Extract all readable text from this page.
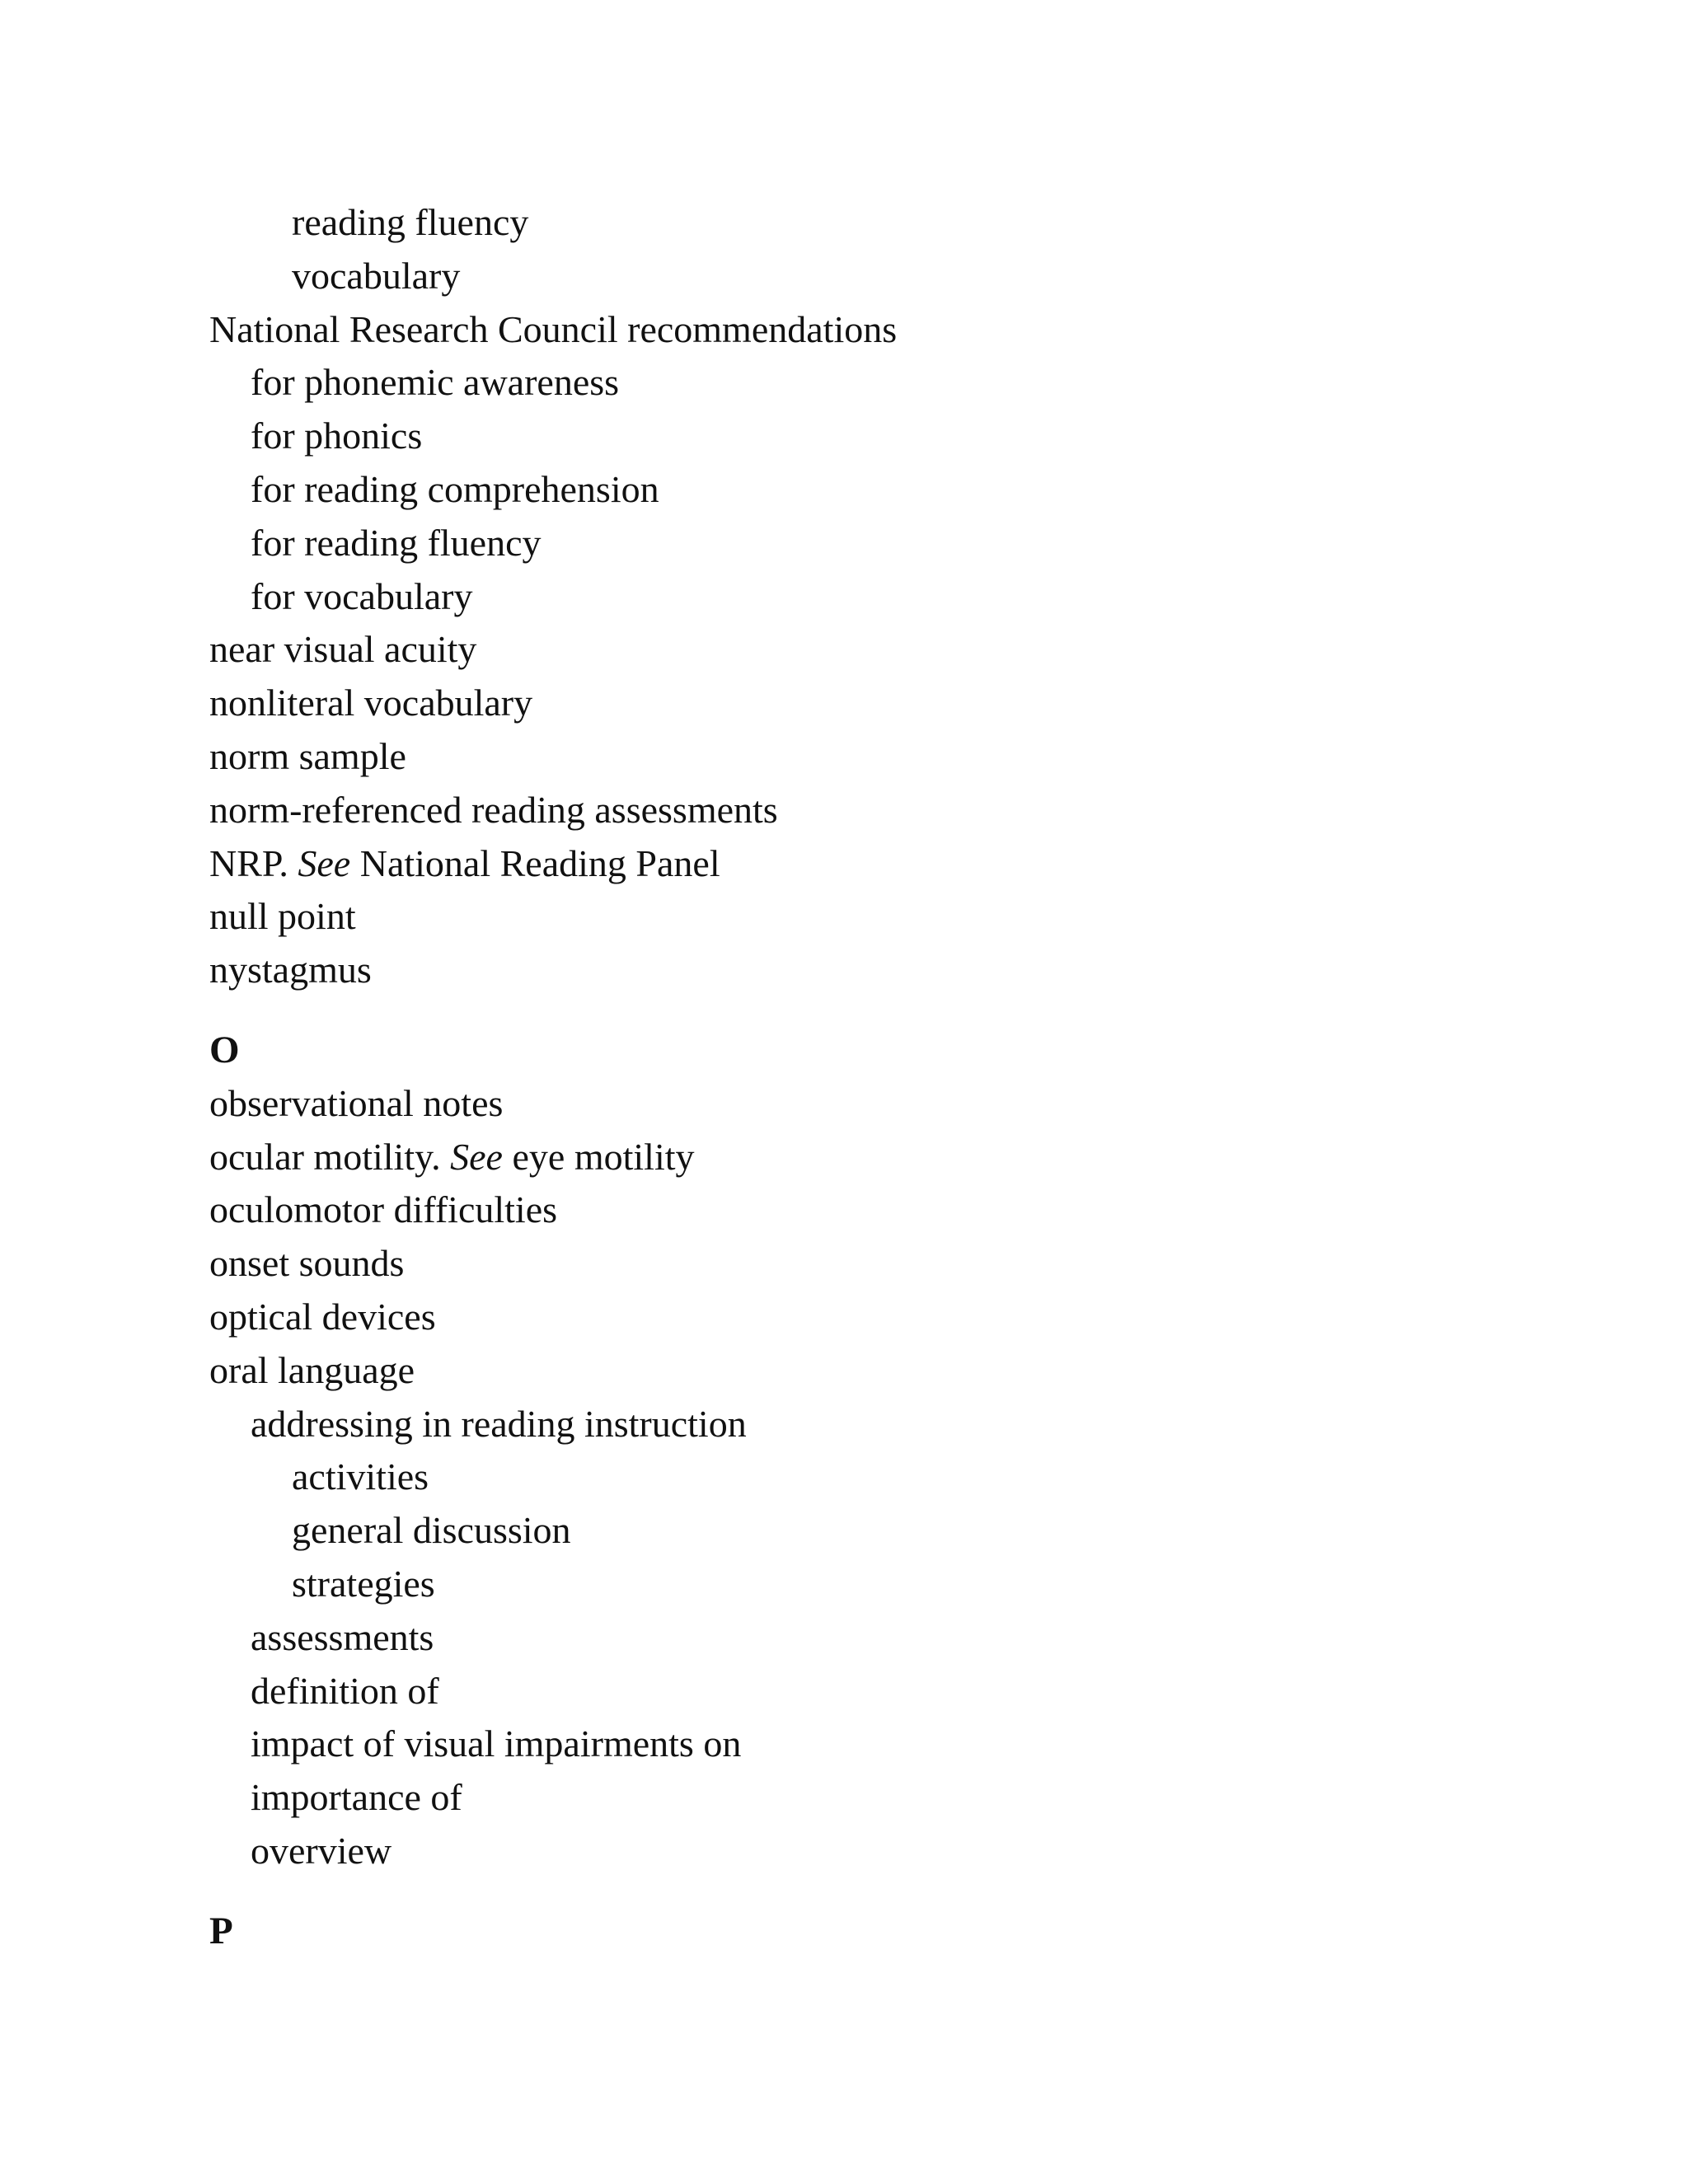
reading fluency
vocabulary
National Research Council recommendations
for phonemic awareness
for phonics
for reading comprehension
for reading fluency
for vocabulary
near visual acuity
nonliteral vocabulary
norm sample
norm-referenced reading assessments
NRP. See National Reading Panel
null point
nystagmus
O
observational notes
ocular motility. See eye motility
oculomotor difficulties
onset sounds
optical devices
oral language
addressing in reading instruction
activities
general discussion
strategies
assessments
definition of
impact of visual impairments on
importance of
overview
P
